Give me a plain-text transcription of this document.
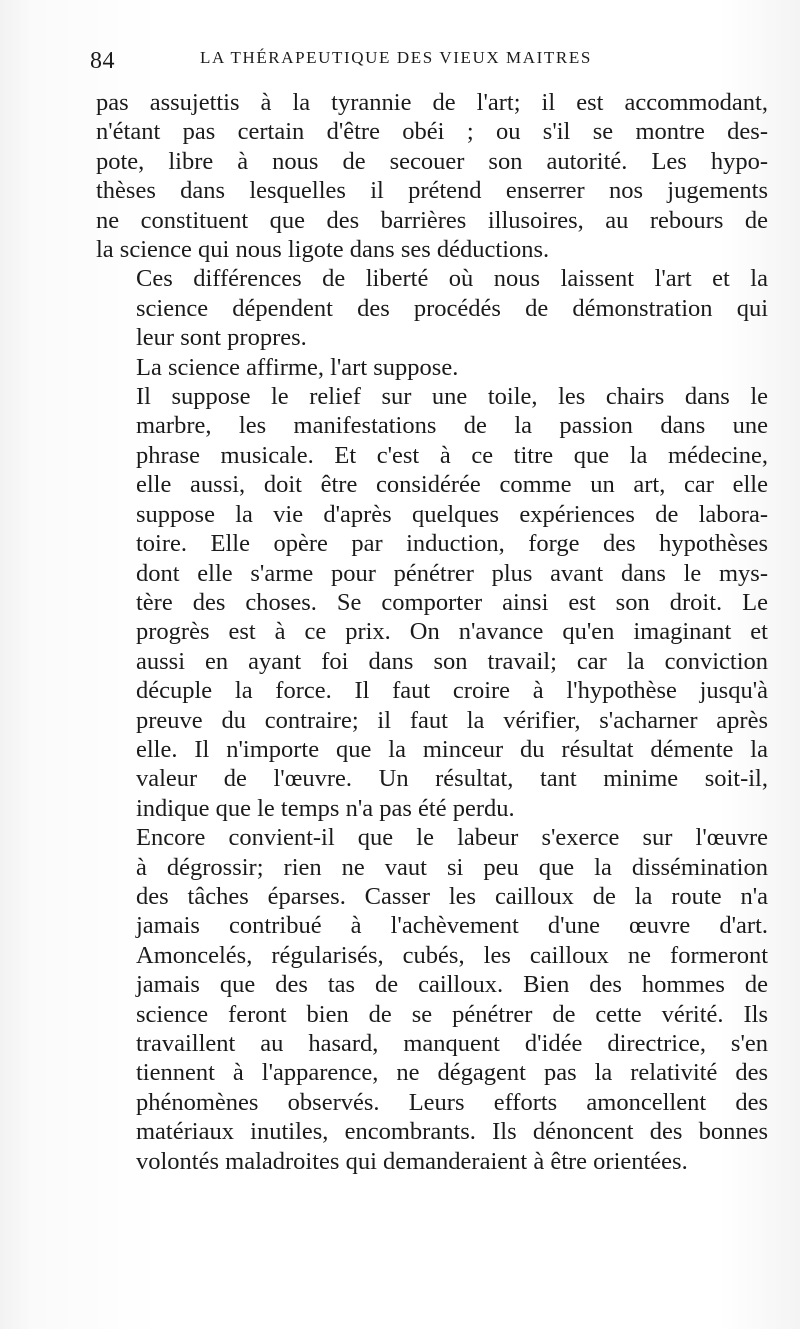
84	LA THÉRAPEUTIQUE DES VIEUX MAITRES
pas assujettis à la tyrannie de l'art; il est accommodant,
n'étant pas certain d'être obéi ; ou s'il se montre des-
pote, libre à nous de secouer son autorité. Les hypo-
thèses dans lesquelles il prétend enserrer nos jugements
ne constituent que des barrières illusoires, au rebours de
la science qui nous ligote dans ses déductions.
Ces différences de liberté où nous laissent l'art et la
science dépendent des procédés de démonstration qui
leur sont propres.
La science affirme, l'art suppose.
Il suppose le relief sur une toile, les chairs dans le
marbre, les manifestations de la passion dans une
phrase musicale. Et c'est à ce titre que la médecine,
elle aussi, doit être considérée comme un art, car elle
suppose la vie d'après quelques expériences de labora-
toire. Elle opère par induction, forge des hypothèses
dont elle s'arme pour pénétrer plus avant dans le mys-
tère des choses. Se comporter ainsi est son droit. Le
progrès est à ce prix. On n'avance qu'en imaginant et
aussi en ayant foi dans son travail; car la conviction
décuple la force. Il faut croire à l'hypothèse jusqu'à
preuve du contraire; il faut la vérifier, s'acharner après
elle. Il n'importe que la minceur du résultat démente la
valeur de l'œuvre. Un résultat, tant minime soit-il,
indique que le temps n'a pas été perdu.
Encore convient-il que le labeur s'exerce sur l'œuvre
à dégrossir; rien ne vaut si peu que la dissémination
des tâches éparses. Casser les cailloux de la route n'a
jamais contribué à l'achèvement d'une œuvre d'art.
Amoncelés, régularisés, cubés, les cailloux ne formeront
jamais que des tas de cailloux. Bien des hommes de
science feront bien de se pénétrer de cette vérité. Ils
travaillent au hasard, manquent d'idée directrice, s'en
tiennent à l'apparence, ne dégagent pas la relativité des
phénomènes observés. Leurs efforts amoncellent des
matériaux inutiles, encombrants. Ils dénoncent des bonnes
volontés maladroites qui demanderaient à être orientées.
